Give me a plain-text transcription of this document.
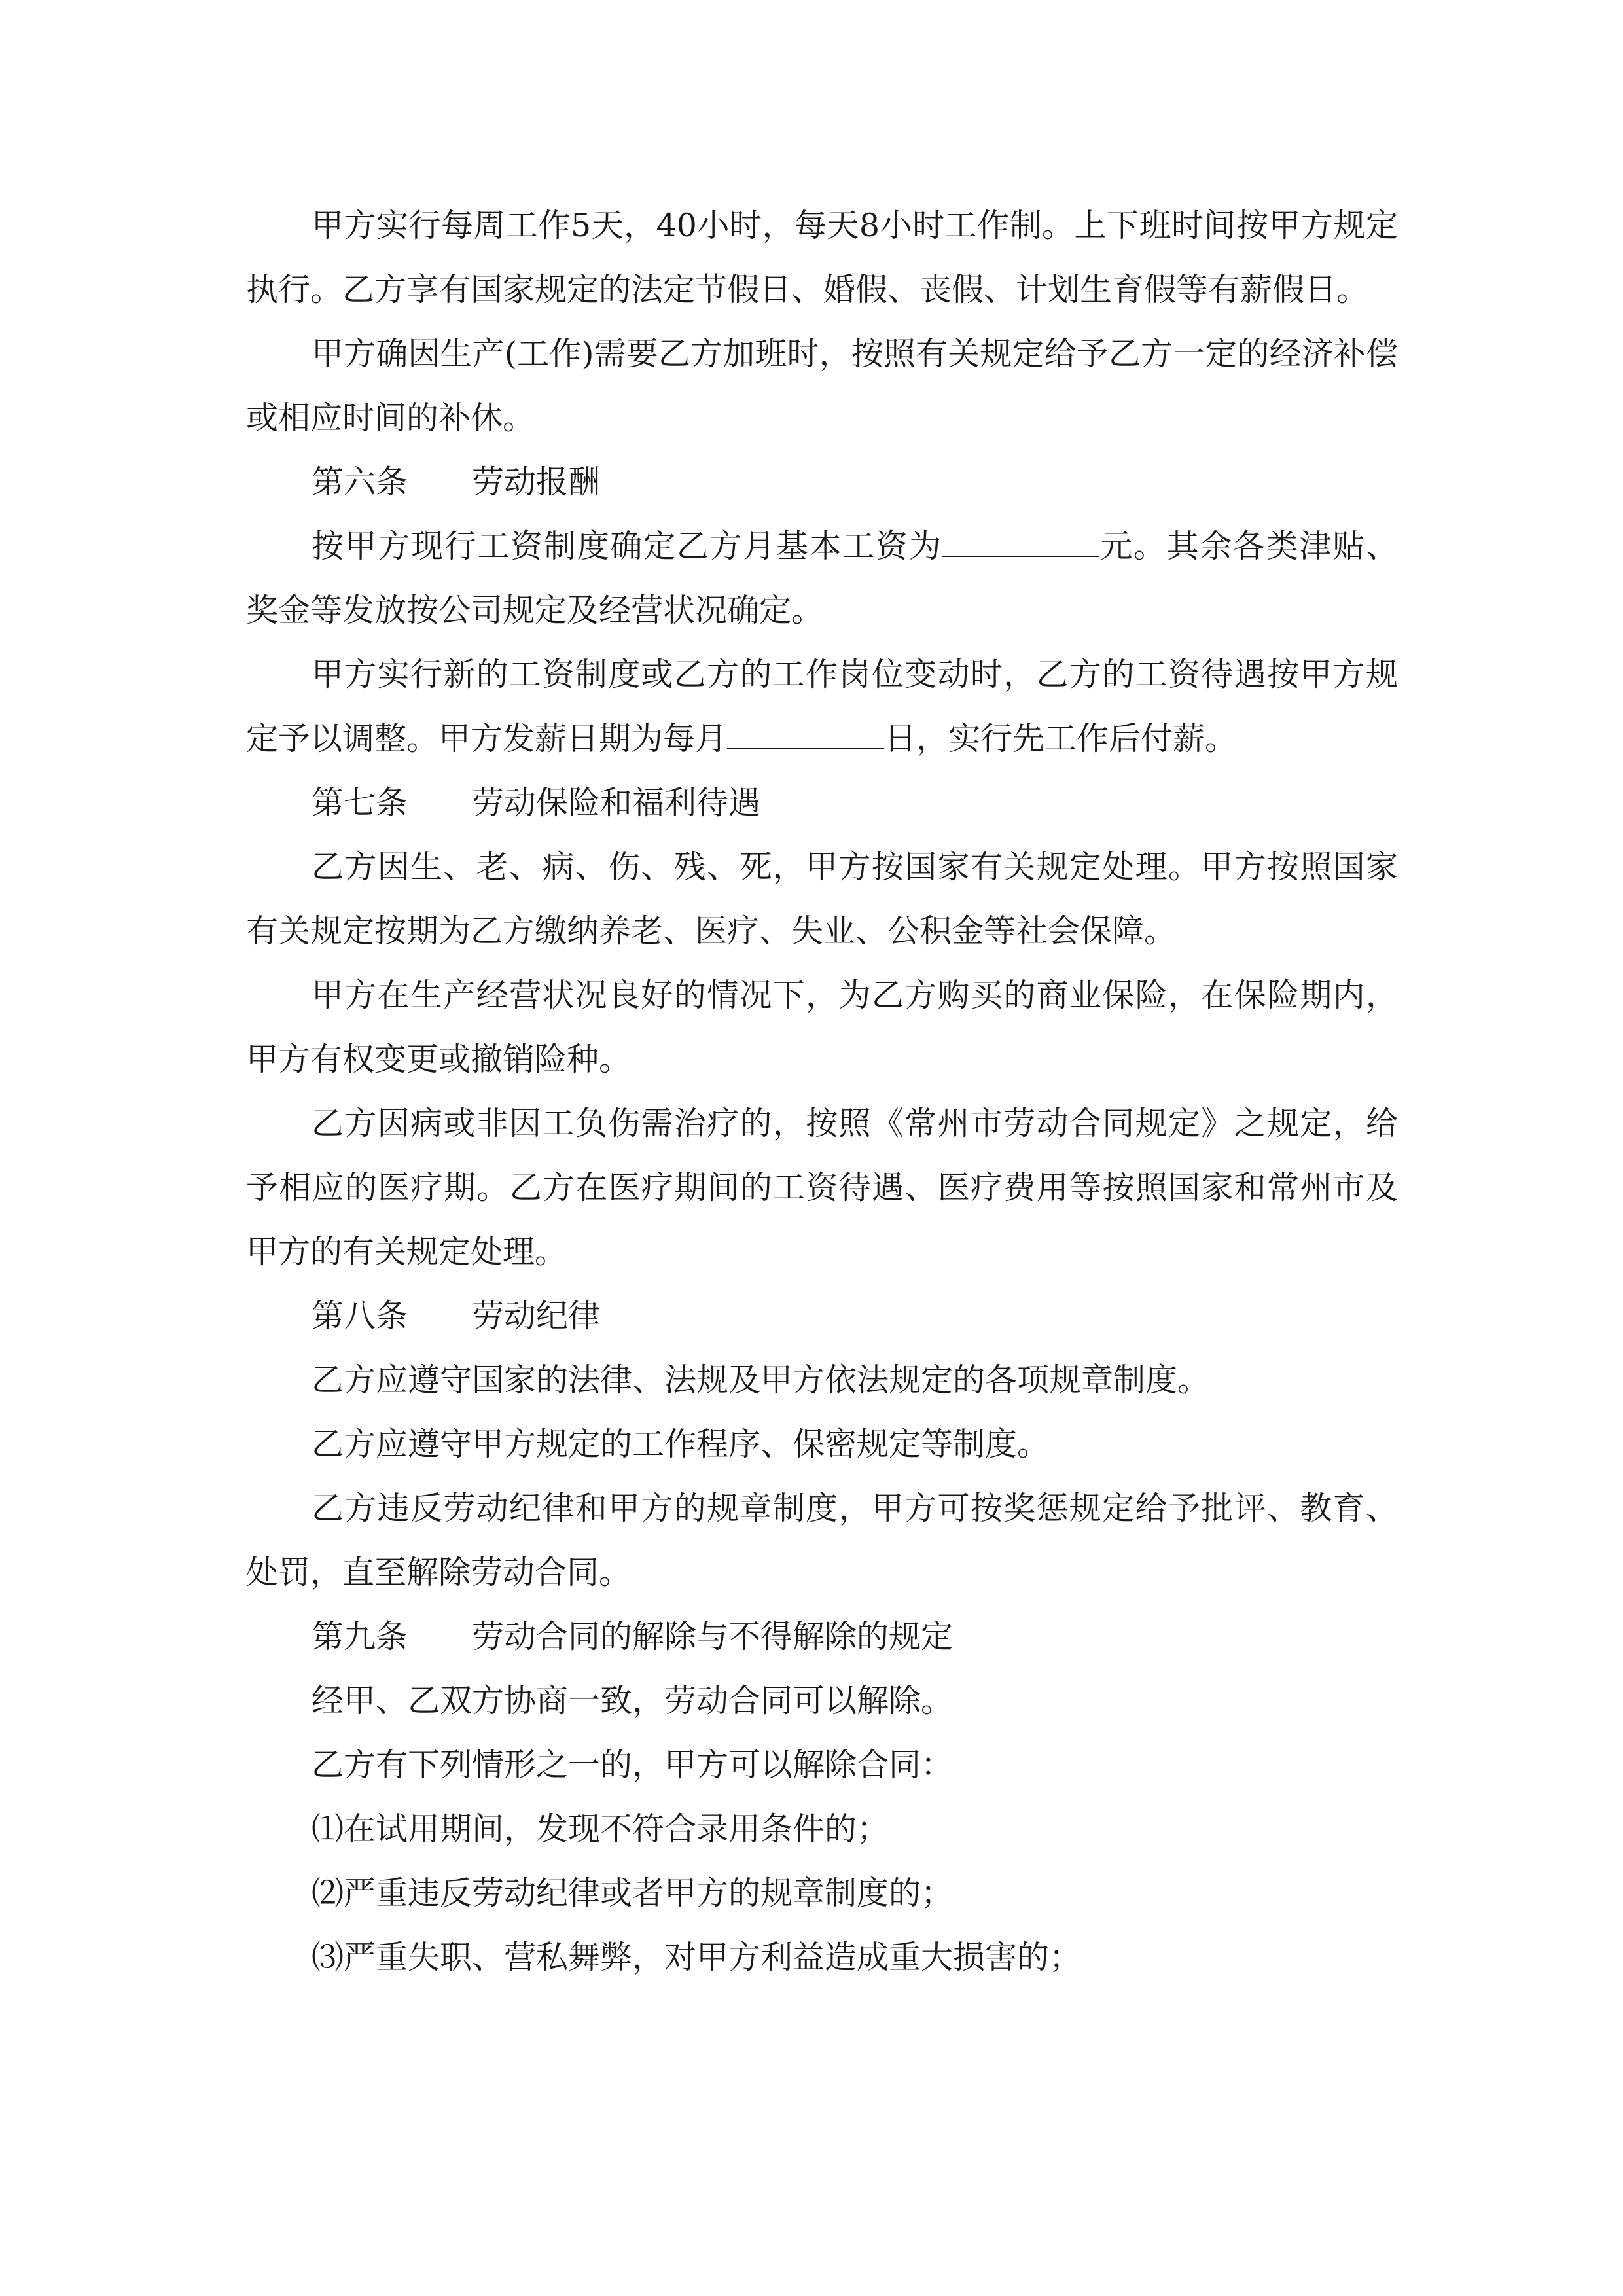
甲方实行每周工作5天，40小时，每天8小时工作制。上下班时间按甲方规定执行。乙方享有国家规定的法定节假日、婚假、丧假、计划生育假等有薪假日。

甲方确因生产(工作)需要乙方加班时，按照有关规定给予乙方一定的经济补偿或相应时间的补休。

第六条 劳动报酬

按甲方现行工资制度确定乙方月基本工资为	元。其余各类津贴、奖金等发放按公司规定及经营状况确定。

甲方实行新的工资制度或乙方的工作岗位变动时，乙方的工资待遇按甲方规定予以调整。甲方发薪日期为每月	日，实行先工作后付薪。

第七条 劳动保险和福利待遇

乙方因生、老、病、伤、残、死，甲方按国家有关规定处理。甲方按照国家有关规定按期为乙方缴纳养老、医疗、失业、公积金等社会保障。

甲方在生产经营状况良好的情况下，为乙方购买的商业保险，在保险期内，甲方有权变更或撤销险种。

乙方因病或非因工负伤需治疗的，按照《常州市劳动合同规定》之规定，给予相应的医疗期。乙方在医疗期间的工资待遇、医疗费用等按照国家和常州市及甲方的有关规定处理。

第八条 劳动纪律

乙方应遵守国家的法律、法规及甲方依法规定的各项规章制度。

乙方应遵守甲方规定的工作程序、保密规定等制度。

乙方违反劳动纪律和甲方的规章制度，甲方可按奖惩规定给予批评、教育、处罚，直至解除劳动合同。

第九条 劳动合同的解除与不得解除的规定

经甲、乙双方协商一致，劳动合同可以解除。

乙方有下列情形之一的，甲方可以解除合同：

⑴在试用期间，发现不符合录用条件的；

⑵严重违反劳动纪律或者甲方的规章制度的；

⑶严重失职、营私舞弊，对甲方利益造成重大损害的；
